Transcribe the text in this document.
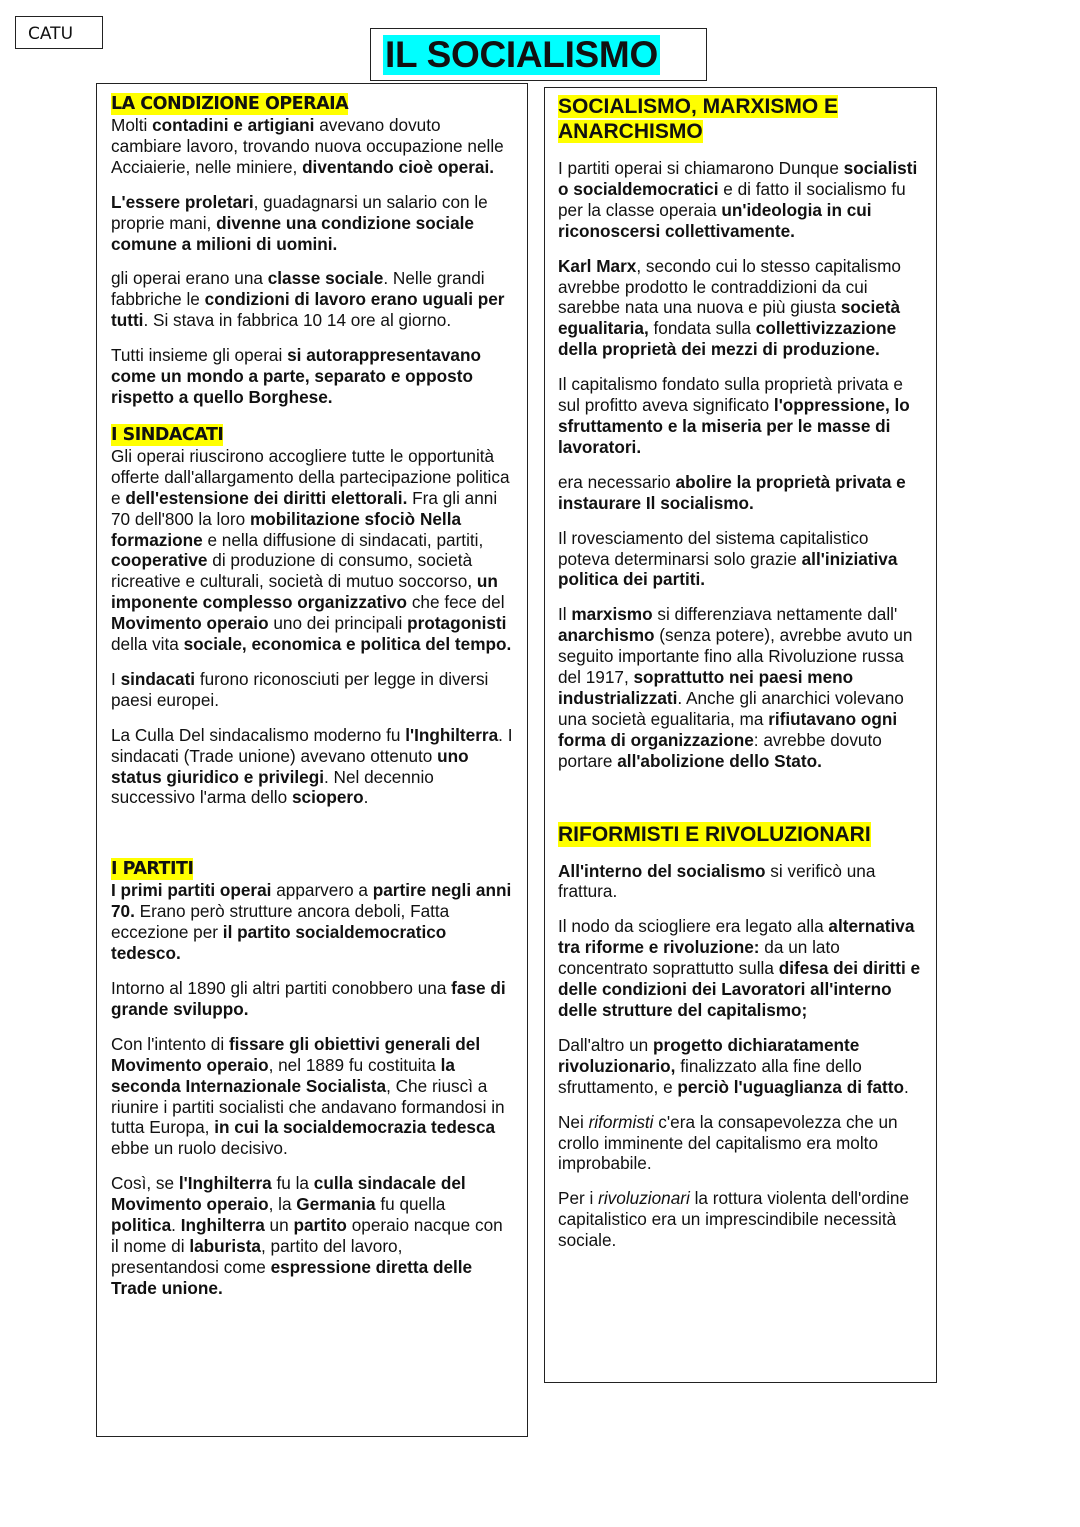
CATU	IL SOCIALISMO
LA CONDIZIONE OPERAIA

Molti contadini e artigiani avevano dovuto cambiare lavoro, trovando nuova occupazione nelle Acciaierie, nelle miniere, diventando cioè operai.

L'essere proletari, guadagnarsi un salario con le proprie mani, divenne una condizione sociale comune a milioni di uomini.

gli operai erano una classe sociale. Nelle grandi fabbriche le condizioni di lavoro erano uguali per tutti. Si stava in fabbrica 10 14 ore al giorno.

Tutti insieme gli operai si autorappresentavano come un mondo a parte, separato e opposto rispetto a quello Borghese.

I SINDACATI

Gli operai riuscirono accogliere tutte le opportunità offerte dall'allargamento della partecipazione politica e dell'estensione dei diritti elettorali. Fra gli anni 70 dell'800 la loro mobilitazione sfociò Nella formazione e nella diffusione di sindacati, partiti, cooperative di produzione di consumo, società ricreative e culturali, società di mutuo soccorso, un imponente complesso organizzativo che fece del Movimento operaio uno dei principali protagonisti della vita sociale, economica e politica del tempo.

I sindacati furono riconosciuti per legge in diversi paesi europei.

La Culla Del sindacalismo moderno fu l'Inghilterra. I sindacati (Trade unione) avevano ottenuto uno status giuridico e privilegi. Nel decennio successivo l'arma dello sciopero.

I PARTITI

I primi partiti operai apparvero a partire negli anni 70. Erano però strutture ancora deboli, Fatta eccezione per il partito socialdemocratico tedesco.

Intorno al 1890 gli altri partiti conobbero una fase di grande sviluppo.

Con l'intento di fissare gli obiettivi generali del Movimento operaio, nel 1889 fu costituita la seconda Internazionale Socialista, Che riuscì a riunire i partiti socialisti che andavano formandosi in tutta Europa, in cui la socialdemocrazia tedesca ebbe un ruolo decisivo.

Così, se l'Inghilterra fu la culla sindacale del Movimento operaio, la Germania fu quella politica. Inghilterra un partito operaio nacque con il nome di laburista, partito del lavoro, presentandosi come espressione diretta delle Trade unione.

SOCIALISMO, MARXISMO E ANARCHISMO

I partiti operai si chiamarono Dunque socialisti o socialdemocratici e di fatto il socialismo fu per la classe operaia un'ideologia in cui riconoscersi collettivamente.

Karl Marx, secondo cui lo stesso capitalismo avrebbe prodotto le contraddizioni da cui sarebbe nata una nuova e più giusta società egualitaria, fondata sulla collettivizzazione della proprietà dei mezzi di produzione.

Il capitalismo fondato sulla proprietà privata e sul profitto aveva significato l'oppressione, lo sfruttamento e la miseria per le masse di lavoratori.

era necessario abolire la proprietà privata e instaurare Il socialismo.

Il rovesciamento del sistema capitalistico poteva determinarsi solo grazie all'iniziativa politica dei partiti.

Il marxismo si differenziava nettamente dall' anarchismo (senza potere), avrebbe avuto un seguito importante fino alla Rivoluzione russa del 1917, soprattutto nei paesi meno industrializzati. Anche gli anarchici volevano una società egualitaria, ma rifiutavano ogni forma di organizzazione: avrebbe dovuto portare all'abolizione dello Stato.

RIFORMISTI E RIVOLUZIONARI

All'interno del socialismo si verificò una frattura.

Il nodo da sciogliere era legato alla alternativa tra riforme e rivoluzione: da un lato concentrato soprattutto sulla difesa dei diritti e delle condizioni dei Lavoratori all'interno delle strutture del capitalismo;

Dall'altro un progetto dichiaratamente rivoluzionario, finalizzato alla fine dello sfruttamento, e perciò l'uguaglianza di fatto.

Nei riformisti c'era la consapevolezza che un crollo imminente del capitalismo era molto improbabile.

Per i rivoluzionari la rottura violenta dell'ordine capitalistico era un imprescindibile necessità sociale.
